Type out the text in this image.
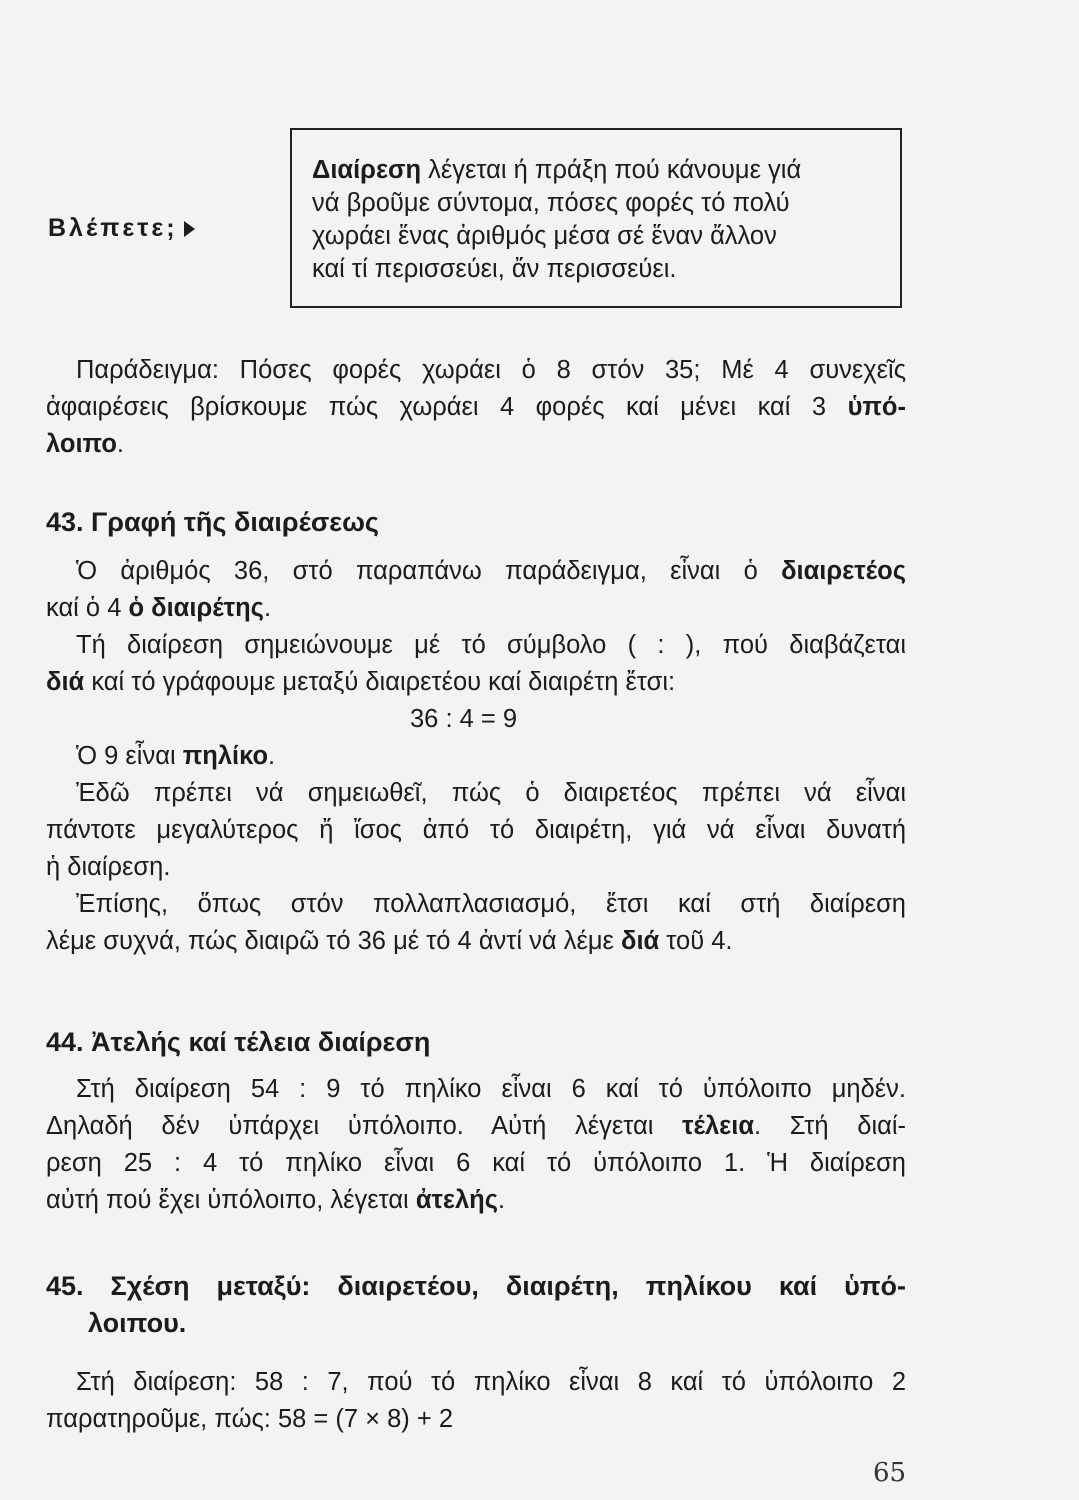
Βλέπετε;
Διαίρεση λέγεται ή πράξη πού κάνουμε γιά
νά βροῦμε σύντομα, πόσες φορές τό πολύ
χωράει ἕνας ἀριθμός μέσα σέ ἕναν ἄλλον
καί τί περισσεύει, ἄν περισσεύει.
Παράδειγμα: Πόσες φορές χωράει ὁ 8 στόν 35; Μέ 4 συνεχεῖς
ἀφαιρέσεις βρίσκουμε πώς χωράει 4 φορές καί μένει καί 3 ὑπό-
λοιπο.
43. Γραφή τῆς διαιρέσεως
Ὁ ἀριθμός 36, στό παραπάνω παράδειγμα, εἶναι ὁ διαιρετέος
καί ὁ 4 ὁ διαιρέτης.
Τή διαίρεση σημειώνουμε μέ τό σύμβολο ( : ), πού διαβάζεται
διά καί τό γράφουμε μεταξύ διαιρετέου καί διαιρέτη ἔτσι:
36 : 4 = 9
Ὁ 9 εἶναι πηλίκο.
Ἐδῶ πρέπει νά σημειωθεῖ, πώς ὁ διαιρετέος πρέπει νά εἶναι
πάντοτε μεγαλύτερος ἤ ἴσος ἀπό τό διαιρέτη, γιά νά εἶναι δυνατή
ἡ διαίρεση.
Ἐπίσης, ὅπως στόν πολλαπλασιασμό, ἔτσι καί στή διαίρεση
λέμε συχνά, πώς διαιρῶ τό 36 μέ τό 4 ἀντί νά λέμε διά τοῦ 4.
44. Ἀτελής καί τέλεια διαίρεση
Στή διαίρεση 54 : 9 τό πηλίκο εἶναι 6 καί τό ὑπόλοιπο μηδέν.
Δηλαδή δέν ὑπάρχει ὑπόλοιπο. Αὐτή λέγεται τέλεια. Στή διαί-
ρεση 25 : 4 τό πηλίκο εἶναι 6 καί τό ὑπόλοιπο 1. Ἡ διαίρεση
αὐτή πού ἔχει ὑπόλοιπο, λέγεται ἀτελής.
45. Σχέση μεταξύ: διαιρετέου, διαιρέτη, πηλίκου καί ὑπό-
λοιπου.
Στή διαίρεση: 58 : 7, πού τό πηλίκο εἶναι 8 καί τό ὑπόλοιπο 2
παρατηροῦμε, πώς: 58 = (7 × 8) + 2
65
